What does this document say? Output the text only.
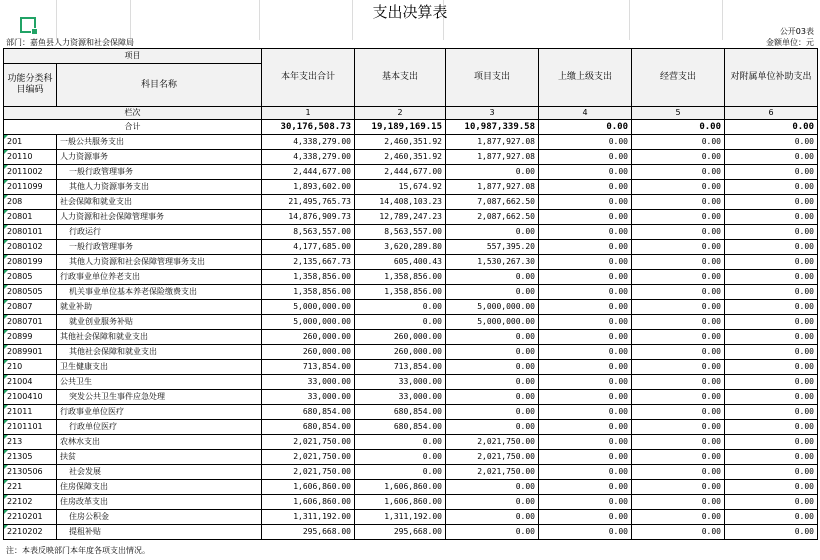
支出决算表
公开03表
部门：嘉鱼县人力资源和社会保障局	金额单位：元
项目		本年支出合计	基本支出	项目支出	上缴上级支出	经营支出	对附属单位补助支出
功能分类科目编码	科目名称						
栏次		1	2	3	4	5	6
合计		30,176,508.73	19,189,169.15	10,987,339.58	0.00	0.00	0.00
201	一般公共服务支出	4,338,279.00	2,460,351.92	1,877,927.08	0.00	0.00	0.00
20110	人力资源事务	4,338,279.00	2,460,351.92	1,877,927.08	0.00	0.00	0.00
2011002	一般行政管理事务	2,444,677.00	2,444,677.00	0.00	0.00	0.00	0.00
2011099	其他人力资源事务支出	1,893,602.00	15,674.92	1,877,927.08	0.00	0.00	0.00
208	社会保障和就业支出	21,495,765.73	14,408,103.23	7,087,662.50	0.00	0.00	0.00
20801	人力资源和社会保障管理事务	14,876,909.73	12,789,247.23	2,087,662.50	0.00	0.00	0.00
2080101	行政运行	8,563,557.00	8,563,557.00	0.00	0.00	0.00	0.00
2080102	一般行政管理事务	4,177,685.00	3,620,289.80	557,395.20	0.00	0.00	0.00
2080199	其他人力资源和社会保障管理事务支出	2,135,667.73	605,400.43	1,530,267.30	0.00	0.00	0.00
20805	行政事业单位养老支出	1,358,856.00	1,358,856.00	0.00	0.00	0.00	0.00
2080505	机关事业单位基本养老保险缴费支出	1,358,856.00	1,358,856.00	0.00	0.00	0.00	0.00
20807	就业补助	5,000,000.00	0.00	5,000,000.00	0.00	0.00	0.00
2080701	就业创业服务补贴	5,000,000.00	0.00	5,000,000.00	0.00	0.00	0.00
20899	其他社会保障和就业支出	260,000.00	260,000.00	0.00	0.00	0.00	0.00
2089901	其他社会保障和就业支出	260,000.00	260,000.00	0.00	0.00	0.00	0.00
210	卫生健康支出	713,854.00	713,854.00	0.00	0.00	0.00	0.00
21004	公共卫生	33,000.00	33,000.00	0.00	0.00	0.00	0.00
2100410	突发公共卫生事件应急处理	33,000.00	33,000.00	0.00	0.00	0.00	0.00
21011	行政事业单位医疗	680,854.00	680,854.00	0.00	0.00	0.00	0.00
2101101	行政单位医疗	680,854.00	680,854.00	0.00	0.00	0.00	0.00
213	农林水支出	2,021,750.00	0.00	2,021,750.00	0.00	0.00	0.00
21305	扶贫	2,021,750.00	0.00	2,021,750.00	0.00	0.00	0.00
2130506	社会发展	2,021,750.00	0.00	2,021,750.00	0.00	0.00	0.00
221	住房保障支出	1,606,860.00	1,606,860.00	0.00	0.00	0.00	0.00
22102	住房改革支出	1,606,860.00	1,606,860.00	0.00	0.00	0.00	0.00
2210201	住房公积金	1,311,192.00	1,311,192.00	0.00	0.00	0.00	0.00
2210202	提租补贴	295,668.00	295,668.00	0.00	0.00	0.00	0.00
注：本表反映部门本年度各项支出情况。
